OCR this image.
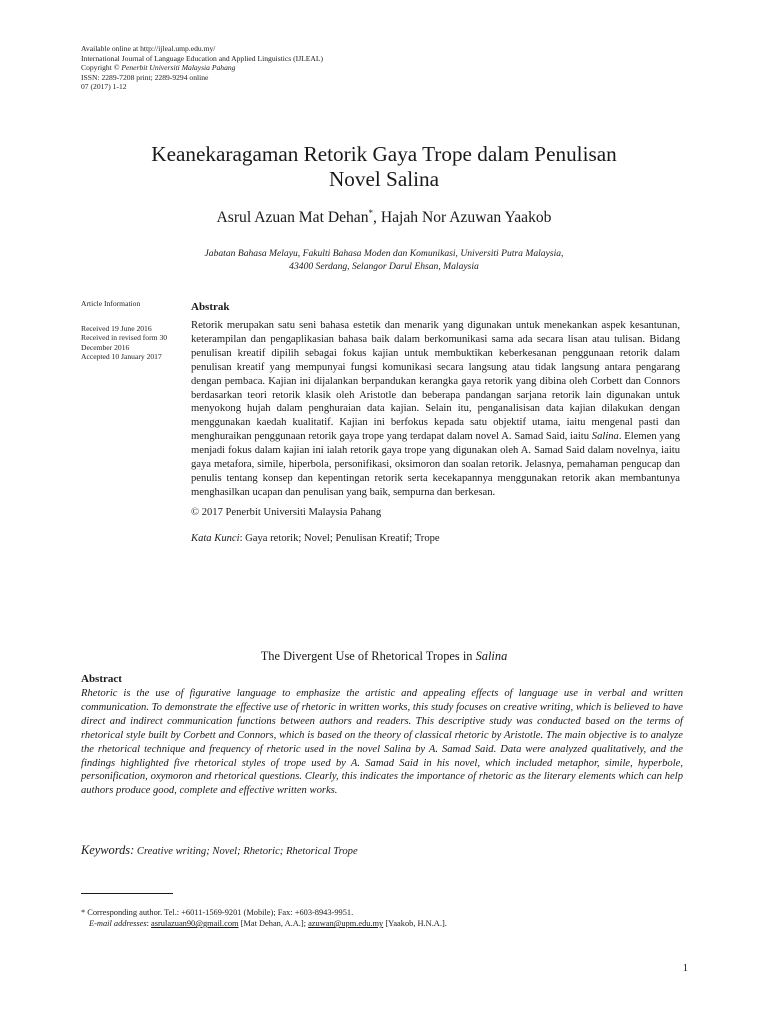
Available online at http://ijleal.ump.edu.my/
International Journal of Language Education and Applied Linguistics (IJLEAL)
Copyright © Penerbit Universiti Malaysia Pahang
ISSN: 2289-7208 print; 2289-9294 online
07 (2017) 1-12
Keanekaragaman Retorik Gaya Trope dalam Penulisan
Novel Salina
Asrul Azuan Mat Dehan*, Hajah Nor Azuwan Yaakob
Jabatan Bahasa Melayu, Fakulti Bahasa Moden dan Komunikasi, Universiti Putra Malaysia,
43400 Serdang, Selangor Darul Ehsan, Malaysia
Article Information
Received 19 June 2016
Received in revised form 30 December 2016
Accepted 10 January 2017
Abstrak

Retorik merupakan satu seni bahasa estetik dan menarik yang digunakan untuk menekankan aspek kesantunan, keterampilan dan pengaplikasian bahasa baik dalam berkomunikasi sama ada secara lisan atau tulisan. Bidang penulisan kreatif dipilih sebagai fokus kajian untuk membuktikan keberkesanan penggunaan retorik dalam penulisan kreatif yang mempunyai fungsi komunikasi secara langsung atau tidak langsung antara pengarang dengan pembaca. Kajian ini dijalankan berpandukan kerangka gaya retorik yang dibina oleh Corbett dan Connors berdasarkan teori retorik klasik oleh Aristotle dan beberapa pandangan sarjana retorik lain digunakan untuk menyokong hujah dalam penghuraian data kajian. Selain itu, penganalisisan data kajian dilakukan dengan menggunakan kaedah kualitatif. Kajian ini berfokus kepada satu objektif utama, iaitu mengenal pasti dan menghuraikan penggunaan retorik gaya trope yang terdapat dalam novel A. Samad Said, iaitu Salina. Elemen yang menjadi fokus dalam kajian ini ialah retorik gaya trope yang digunakan oleh A. Samad Said dalam novelnya, iaitu gaya metafora, simile, hiperbola, personifikasi, oksimoron dan soalan retorik. Jelasnya, pemahaman pengucap dan penulis tentang konsep dan kepentingan retorik serta kecekapannya menggunakan retorik akan membantunya menghasilkan ucapan dan penulisan yang baik, sempurna dan berkesan.

© 2017 Penerbit Universiti Malaysia Pahang
Kata Kunci: Gaya retorik; Novel; Penulisan Kreatif; Trope
The Divergent Use of Rhetorical Tropes in Salina
Abstract

Rhetoric is the use of figurative language to emphasize the artistic and appealing effects of language use in verbal and written communication. To demonstrate the effective use of rhetoric in written works, this study focuses on creative writing, which is believed to have direct and indirect communication functions between authors and readers. This descriptive study was conducted based on the terms of rhetorical style built by Corbett and Connors, which is based on the theory of classical rhetoric by Aristotle. The main objective is to analyze the rhetorical technique and frequency of rhetoric used in the novel Salina by A. Samad Said. Data were analyzed qualitatively, and the findings highlighted five rhetorical styles of trope used by A. Samad Said in his novel, which included metaphor, simile, hyperbole, personification, oxymoron and rhetorical questions. Clearly, this indicates the importance of rhetoric as the literary elements which can help authors produce good, complete and effective written works.

Keywords: Creative writing; Novel; Rhetoric; Rhetorical Trope
* Corresponding author. Tel.: +6011-1569-9201 (Mobile); Fax: +603-8943-9951.
E-mail addresses: asrulazuan90@gmail.com [Mat Dehan, A.A.]; azuwan@upm.edu.my [Yaakob, H.N.A.].
1
